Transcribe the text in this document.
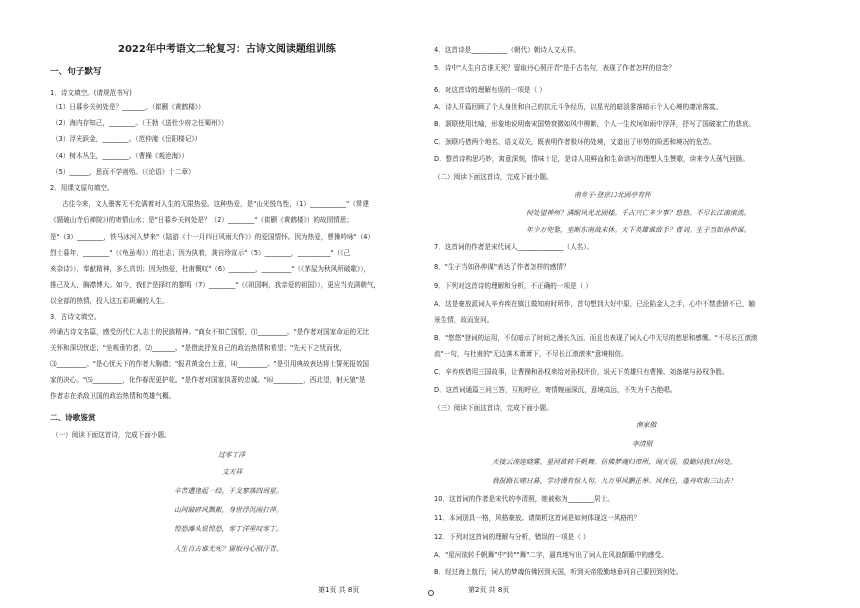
2022年中考语文二轮复习：古诗文阅读题组训练
一、句子默写
1．诗文填空。(请规范书写)
（1）日暮乡关何处是？_______。（崔颢《黄鹤楼》）
（2）海内存知己，________。（王勃《送杜少府之任蜀州》）
（3）浮光跃金，________。（范仲淹《岳阳楼记》）
（4）树木丛生，________。（曹操《观沧海》）
（5）______，思而不学则殆。（《论语》十二章）
2．用课文原句填空。
古往今来，文人墨客无不充满着对人生的无限热爱。这种热爱，是"山光悦鸟性，（1）___________"（常建
《题破山寺后禅院》)的寄情山水；是"日暮乡关何处是？（2）________"（崔颢《黄鹤楼》）的故园情思；
是"（3）________，铁马冰河入梦来"（陆游《十一月四日风雨大作》）的爱国情怀。因为热爱，曹操吟咏"（4）
烈士暮年，________"（《龟虽寿》）的壮志；因为执着，龚自珍宣示"（5）________，__________"（《己
亥杂诗》），奉献精神，多么真切；因为热爱，杜甫慨叹"（6）________，_________"（《茅屋为秋风所破歌》），
推己及人，胸襟博大。如今，我们"是择红的黎明（7）________"（《祖国啊，我亲爱的祖国》），更应当充满朝气，
以全部的热情，投入这五彩斑斓的人生。
3．古诗文填空。
吟诵古诗文名篇，感受历代仁人志士的民族精神。"商女不知亡国恨，⑴_________。"是作者对国家命运的无比
关怀和深切忧虑；"坐观垂钓者，⑵_______。"是借此抒发自己的政治热情和希望；"先天下之忧而忧，
⑶_________。"是心忧天下的作者大胸襟；"报君黄金台上意，⑷_________。"是引用典故表达将士誓死报效国
家的决心。"⑸_________，化作春泥更护花。"是作者对国家执著的忠诚。"⑹_________，西北望，射天狼"是
作者志在杀敌卫国的政治热情和英雄气概。
二、诗歌鉴赏
（一）阅读下面这首诗，完成下面小题。
过零丁洋
文天祥
辛苦遭逢起一经，干戈寥落四周星。
山河破碎风飘絮，身世浮沉雨打萍。
惶恐滩头说惶恐，零丁洋里叹零丁。
人生自古谁无死？留取丹心照汗青。
第1页 共 8页
4．这首诗是___________（朝代）朝诗人文天祥。
5．诗中"人生自古谁无死？留取丹心照汗青"是千古名句，表现了作者怎样的信念？
6．对这首诗的理解有误的一项是（ ）
A．诗人开篇回顾了个人身世和自己的抗元斗争经历，以星光的暗淡寥落暗示个人心境的凄凉落寞。
B．颔联使用比喻，形象地说明南宋国势衰微如风中柳絮，个人一生坎坷如雨中浮萍，抒写了国破家亡的悲哀。
C．颈联巧借两个地名，语义双关，既表明作者极坏的处境，又道出了形势的险恶和境况的危苦。
D．整首诗构思巧妙，寓意深刻，情味十足，是诗人用鲜血和生命谱写的理想人生赞歌，读来令人荡气回肠。
（二）阅读下面这首诗，完成下面小题。
南乡子·登京口北固亭有怀
何处望神州？满眼风光北固楼。千古兴亡多少事？悠悠。不尽长江滚滚流。
年少万兜鍪，坐断东南战未休。天下英雄谁敌手？曹刘。生子当如孙仲谋。
7．这首词的作者是宋代词人______________（人名）。
8．"生子当如孙仲谋"表达了作者怎样的感情？
9．下列对这首诗的理解和分析，不正确的一项是（ ）
A．这是豪放派词人辛弃疾在镇江做知府时所作，首句想到大好中原，已沦陷金人之手，心中不禁悲愤不已，触
景生情，故而发问。
B．"悠悠"登词的运用，不仅暗示了时间之漫长久远，而且也表现了词人心中无尽的愁思和感慨。"不尽长江滚滚
流"一句，与杜甫的"无边落木萧萧下，不尽长江滚滚来"意境相仿。
C．辛弃疾借用三国故事，让曹操和孙权来给对孙权评价，说天下英雄只有曹操、刘备堪与孙权争胜。
D．这首词通篇三问三答，互相呼应，寄情婉丽深沉，意境高远，不失为千古绝唱。
（三）阅读下面这首诗，完成下面小题。
渔家傲
李清照
天接云涛连晓雾，星河欲转千帆舞。仿佛梦魂归帝所，闻天语，殷勤问我归何处。
我报路长嗟日暮，学诗谩有惊人句。九万里风鹏正举。风休住，蓬舟吹取三山去！
10．这首词的作者是宋代的李清照，她被称为________居士。
11．本词别具一格，风格豪放。请简析这首词是如何体现这一风格的？
12．下列对这首词的理解与分析，错误的一项是（ ）
A．"星河欲转千帆舞"中"转""舞"二字，逼真地写出了词人在风浪颠簸中的感受。
B．经过海上航行，词人的梦魂仿佛回到天国，听到天帝殷勤地垂问自己要回到何处。
第2页 共 8页
